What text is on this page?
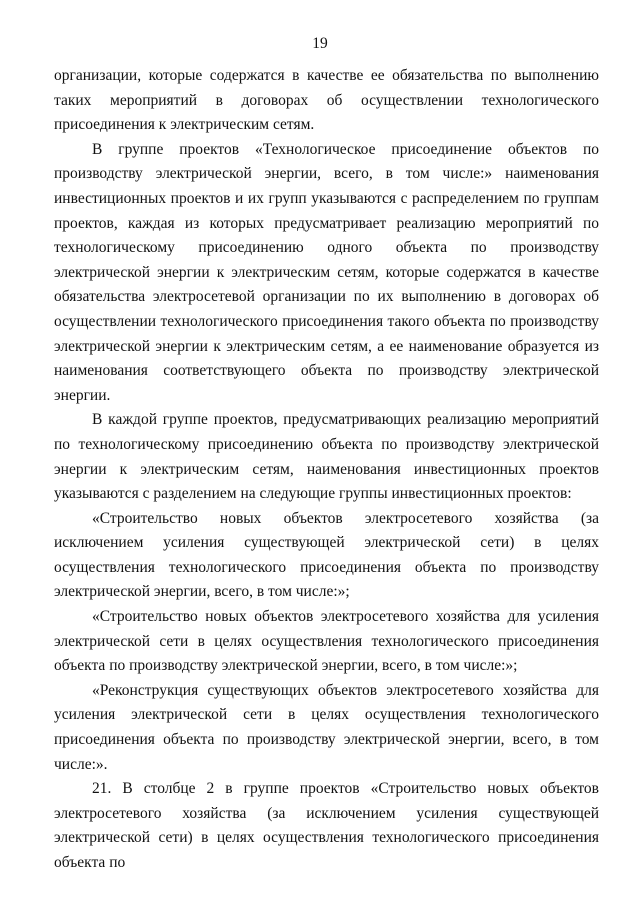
19

организации, которые содержатся в качестве ее обязательства по выполнению таких мероприятий в договорах об осуществлении технологического присоединения к электрическим сетям.

В группе проектов «Технологическое присоединение объектов по производству электрической энергии, всего, в том числе:» наименования инвестиционных проектов и их групп указываются с распределением по группам проектов, каждая из которых предусматривает реализацию мероприятий по технологическому присоединению одного объекта по производству электрической энергии к электрическим сетям, которые содержатся в качестве обязательства электросетевой организации по их выполнению в договорах об осуществлении технологического присоединения такого объекта по производству электрической энергии к электрическим сетям, а ее наименование образуется из наименования соответствующего объекта по производству электрической энергии.

В каждой группе проектов, предусматривающих реализацию мероприятий по технологическому присоединению объекта по производству электрической энергии к электрическим сетям, наименования инвестиционных проектов указываются с разделением на следующие группы инвестиционных проектов:

«Строительство новых объектов электросетевого хозяйства (за исключением усиления существующей электрической сети) в целях осуществления технологического присоединения объекта по производству электрической энергии, всего, в том числе:»;

«Строительство новых объектов электросетевого хозяйства для усиления электрической сети в целях осуществления технологического присоединения объекта по производству электрической энергии, всего, в том числе:»;

«Реконструкция существующих объектов электросетевого хозяйства для усиления электрической сети в целях осуществления технологического присоединения объекта по производству электрической энергии, всего, в том числе:».

21. В столбце 2 в группе проектов «Строительство новых объектов электросетевого хозяйства (за исключением усиления существующей электрической сети) в целях осуществления технологического присоединения объекта по
